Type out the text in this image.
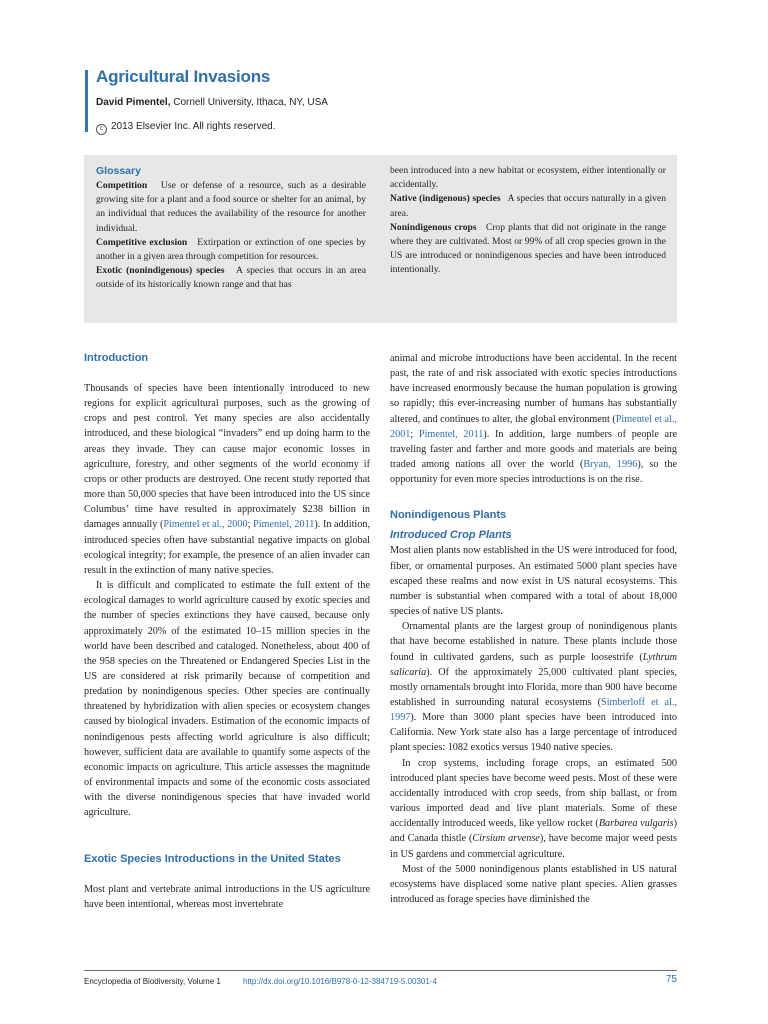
Agricultural Invasions
David Pimentel, Cornell University, Ithaca, NY, USA
c 2013 Elsevier Inc. All rights reserved.
Glossary
Competition Use or defense of a resource, such as a desirable growing site for a plant and a food source or shelter for an animal, by an individual that reduces the availability of the resource for another individual.
Competitive exclusion Extirpation or extinction of one species by another in a given area through competition for resources.
Exotic (nonindigenous) species A species that occurs in an area outside of its historically known range and that has
been introduced into a new habitat or ecosystem, either intentionally or accidentally.
Native (indigenous) species A species that occurs naturally in a given area.
Nonindigenous crops Crop plants that did not originate in the range where they are cultivated. Most or 99% of all crop species grown in the US are introduced or nonindigenous species and have been introduced intentionally.
Introduction

Thousands of species have been intentionally introduced to new regions for explicit agricultural purposes, such as the growing of crops and pest control. Yet many species are also accidentally introduced, and these biological “invaders” end up doing harm to the areas they invade. They can cause major economic losses in agriculture, forestry, and other segments of the world economy if crops or other products are destroyed. One recent study reported that more than 50,000 species that have been introduced into the US since Columbus’ time have resulted in approximately $238 billion in damages annually (Pimentel et al., 2000; Pimentel, 2011). In addition, introduced species often have substantial negative impacts on global ecological integrity; for example, the presence of an alien invader can result in the extinction of many native species.

It is difficult and complicated to estimate the full extent of the ecological damages to world agriculture caused by exotic species and the number of species extinctions they have caused, because only approximately 20% of the estimated 10–15 million species in the world have been described and cataloged. Nonetheless, about 400 of the 958 species on the Threatened or Endangered Species List in the US are considered at risk primarily because of competition and predation by nonindigenous species. Other species are continually threatened by hybridization with alien species or ecosystem changes caused by biological invaders. Estimation of the economic impacts of nonindigenous pests affecting world agriculture is also difficult; however, sufficient data are available to quantify some aspects of the economic impacts on agriculture. This article assesses the magnitude of environmental impacts and some of the economic costs associated with the diverse nonindigenous species that have invaded world agriculture.

Exotic Species Introductions in the United States

Most plant and vertebrate animal introductions in the US agriculture have been intentional, whereas most invertebrate

animal and microbe introductions have been accidental. In the recent past, the rate of and risk associated with exotic species introductions have increased enormously because the human population is growing so rapidly; this ever-increasing number of humans has substantially altered, and continues to alter, the global environment (Pimentel et al., 2001; Pimentel, 2011). In addition, large numbers of people are traveling faster and farther and more goods and materials are being traded among nations all over the world (Bryan, 1996), so the opportunity for even more species introductions is on the rise.

Nonindigenous Plants
Introduced Crop Plants

Most alien plants now established in the US were introduced for food, fiber, or ornamental purposes. An estimated 5000 plant species have escaped these realms and now exist in US natural ecosystems. This number is substantial when compared with a total of about 18,000 species of native US plants.

Ornamental plants are the largest group of nonindigenous plants that have become established in nature. These plants include those found in cultivated gardens, such as purple loosestrife (Lythrum salicaria). Of the approximately 25,000 cultivated plant species, mostly ornamentals brought into Florida, more than 900 have become established in surrounding natural ecosystems (Simberloff et al., 1997). More than 3000 plant species have been introduced into California. New York state also has a large percentage of introduced plant species: 1082 exotics versus 1940 native species.

In crop systems, including forage crops, an estimated 500 introduced plant species have become weed pests. Most of these were accidentally introduced with crop seeds, from ship ballast, or from various imported dead and live plant materials. Some of these accidentally introduced weeds, like yellow rocket (Barbarea vulgaris) and Canada thistle (Cirsium arvense), have become major weed pests in US gardens and commercial agriculture.

Most of the 5000 nonindigenous plants established in US natural ecosystems have displaced some native plant species. Alien grasses introduced as forage species have diminished the

Encyclopedia of Biodiversity, Volume 1	http://dx.doi.org/10.1016/B978-0-12-384719-5.00301-4	75
